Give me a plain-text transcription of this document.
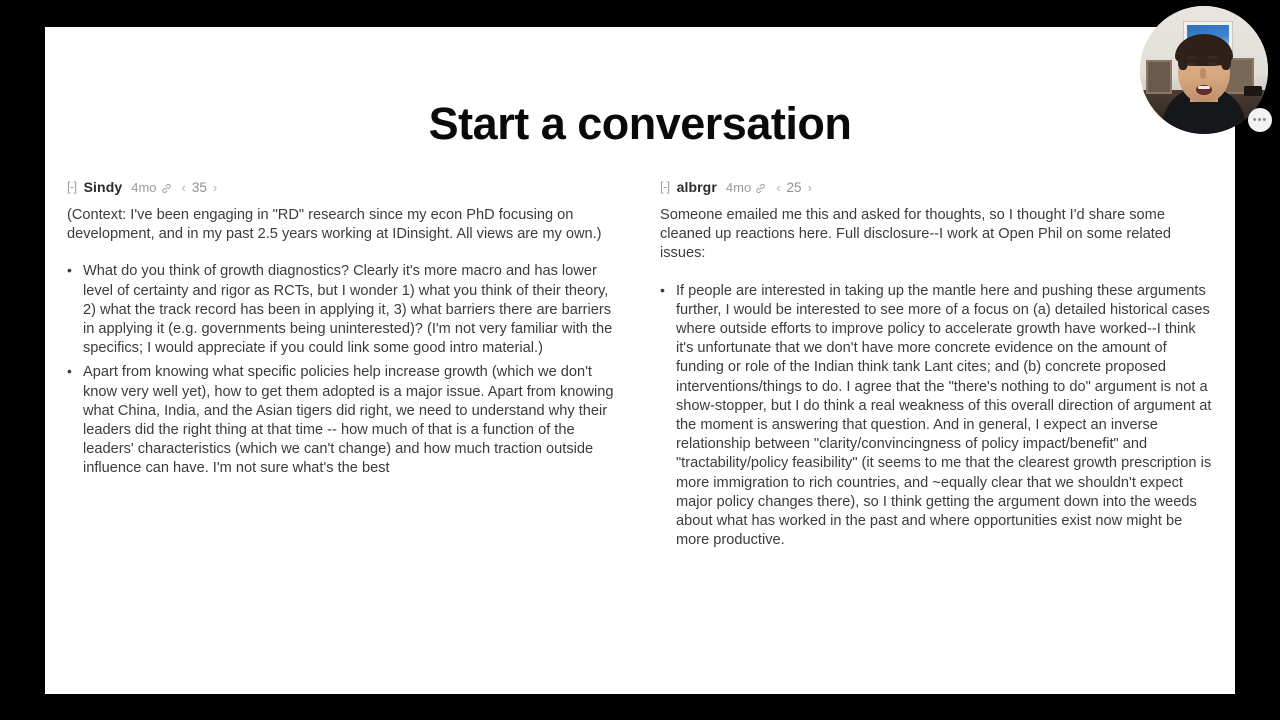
Start a conversation
[-] Sindy 4mo ‹ 35 ›

(Context: I've been engaging in "RD" research since my econ PhD focusing on development, and in my past 2.5 years working at IDinsight. All views are my own.)

• What do you think of growth diagnostics? Clearly it's more macro and has lower level of certainty and rigor as RCTs, but I wonder 1) what you think of their theory, 2) what the track record has been in applying it, 3) what barriers there are barriers in applying it (e.g. governments being uninterested)? (I'm not very familiar with the specifics; I would appreciate if you could link some good intro material.)
• Apart from knowing what specific policies help increase growth (which we don't know very well yet), how to get them adopted is a major issue. Apart from knowing what China, India, and the Asian tigers did right, we need to understand why their leaders did the right thing at that time -- how much of that is a function of the leaders' characteristics (which we can't change) and how much traction outside influence can have. I'm not sure what's the best
[-] albrgr 4mo ‹ 25 ›

Someone emailed me this and asked for thoughts, so I thought I'd share some cleaned up reactions here. Full disclosure--I work at Open Phil on some related issues:

• If people are interested in taking up the mantle here and pushing these arguments further, I would be interested to see more of a focus on (a) detailed historical cases where outside efforts to improve policy to accelerate growth have worked--I think it's unfortunate that we don't have more concrete evidence on the amount of funding or role of the Indian think tank Lant cites; and (b) concrete proposed interventions/things to do. I agree that the "there's nothing to do" argument is not a show-stopper, but I do think a real weakness of this overall direction of argument at the moment is answering that question. And in general, I expect an inverse relationship between "clarity/convincingness of policy impact/benefit" and "tractability/policy feasibility" (it seems to me that the clearest growth prescription is more immigration to rich countries, and ~equally clear that we shouldn't expect major policy changes there), so I think getting the argument down into the weeds about what has worked in the past and where opportunities exist now might be more productive.
•••
